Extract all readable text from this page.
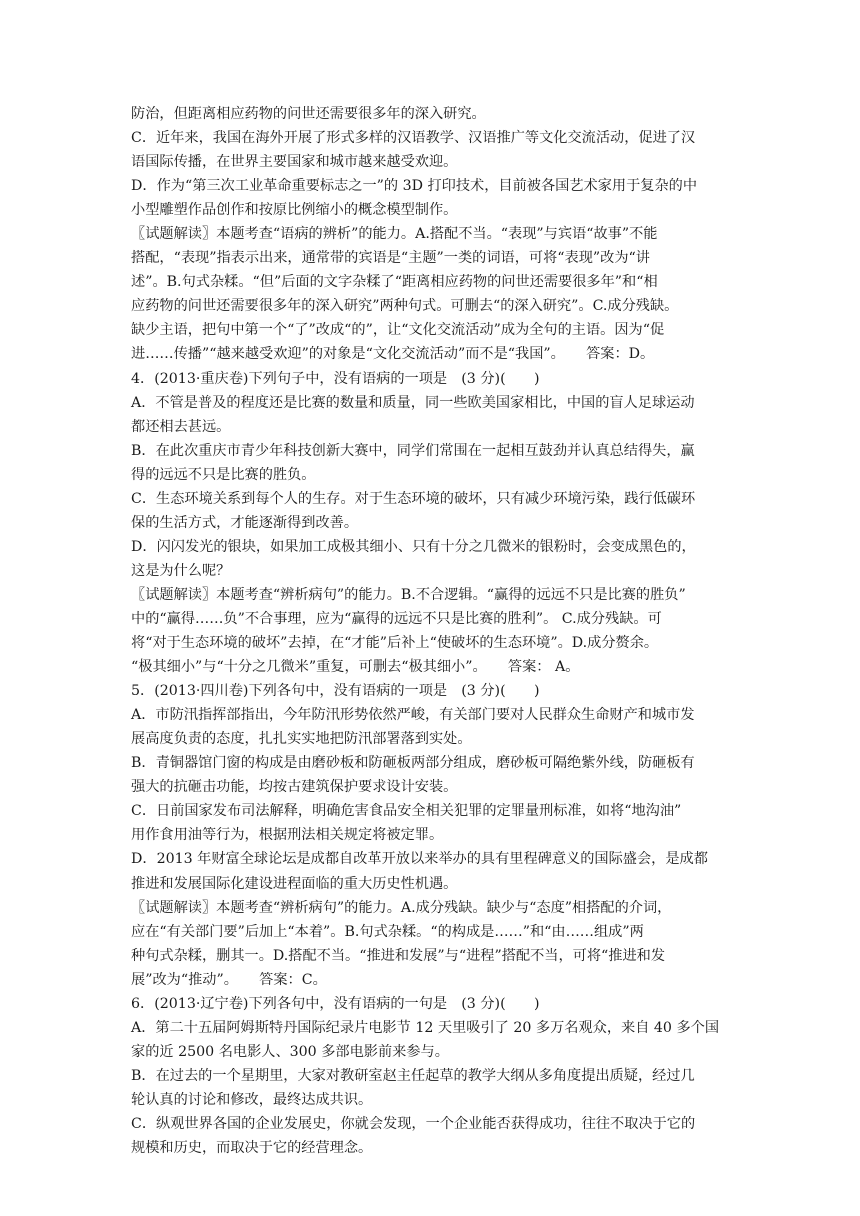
防治，但距离相应药物的问世还需要很多年的深入研究。

C．近年来，我国在海外开展了形式多样的汉语教学、汉语推广等文化交流活动，促进了汉

语国际传播，在世界主要国家和城市越来越受欢迎。

D．作为“第三次工业革命重要标志之一”的 3D 打印技术，目前被各国艺术家用于复杂的中

小型雕塑作品创作和按原比例缩小的概念模型制作。

〖试题解读〗本题考查“语病的辨析”的能力。A.搭配不当。“表现”与宾语“故事”不能

搭配，“表现”指表示出来，通常带的宾语是“主题”一类的词语，可将“表现”改为“讲

述”。B.句式杂糅。“但”后面的文字杂糅了“距离相应药物的问世还需要很多年”和“相

应药物的问世还需要很多年的深入研究”两种句式。可删去“的深入研究”。C.成分残缺。

缺少主语，把句中第一个“了”改成“的”，让“文化交流活动”成为全句的主语。因为“促

进……传播”“越来越受欢迎”的对象是“文化交流活动”而不是“我国”。　　答案：D。

4．(2013·重庆卷)下列句子中，没有语病的一项是　(3 分)(　　)

A．不管是普及的程度还是比赛的数量和质量，同一些欧美国家相比，中国的盲人足球运动

都还相去甚远。

B．在此次重庆市青少年科技创新大赛中，同学们常围在一起相互鼓劲并认真总结得失，赢

得的远远不只是比赛的胜负。

C．生态环境关系到每个人的生存。对于生态环境的破坏，只有减少环境污染，践行低碳环

保的生活方式，才能逐渐得到改善。

D．闪闪发光的银块，如果加工成极其细小、只有十分之几微米的银粉时，会变成黑色的，

这是为什么呢？

〖试题解读〗本题考查“辨析病句”的能力。B.不合逻辑。“赢得的远远不只是比赛的胜负”

中的“赢得……负”不合事理，应为“赢得的远远不只是比赛的胜利”。 C.成分残缺。可

将“对于生态环境的破坏”去掉，在“才能”后补上“使破坏的生态环境”。D.成分赘余。

“极其细小”与“十分之几微米”重复，可删去“极其细小”。　　答案： A。

5．(2013·四川卷)下列各句中，没有语病的一项是　(3 分)(　　)

A．市防汛指挥部指出，今年防汛形势依然严峻，有关部门要对人民群众生命财产和城市发

展高度负责的态度，扎扎实实地把防汛部署落到实处。

B．青铜器馆门窗的构成是由磨砂板和防砸板两部分组成，磨砂板可隔绝紫外线，防砸板有

强大的抗砸击功能，均按古建筑保护要求设计安装。

C．日前国家发布司法解释，明确危害食品安全相关犯罪的定罪量刑标准，如将“地沟油”

用作食用油等行为，根据刑法相关规定将被定罪。

D．2013 年财富全球论坛是成都自改革开放以来举办的具有里程碑意义的国际盛会，是成都

推进和发展国际化建设进程面临的重大历史性机遇。

〖试题解读〗本题考查“辨析病句”的能力。A.成分残缺。缺少与“态度”相搭配的介词，

应在“有关部门要”后加上“本着”。B.句式杂糅。“的构成是……”和“由……组成”两

种句式杂糅，删其一。D.搭配不当。“推进和发展”与“进程”搭配不当，可将“推进和发

展”改为“推动”。　　答案：C。

6．(2013·辽宁卷)下列各句中，没有语病的一句是　(3 分)(　　)

A．第二十五届阿姆斯特丹国际纪录片电影节 12 天里吸引了 20 多万名观众，来自 40 多个国

家的近 2500 名电影人、300 多部电影前来参与。

B．在过去的一个星期里，大家对教研室赵主任起草的教学大纲从多角度提出质疑，经过几

轮认真的讨论和修改，最终达成共识。

C．纵观世界各国的企业发展史，你就会发现，一个企业能否获得成功，往往不取决于它的

规模和历史，而取决于它的经营理念。
